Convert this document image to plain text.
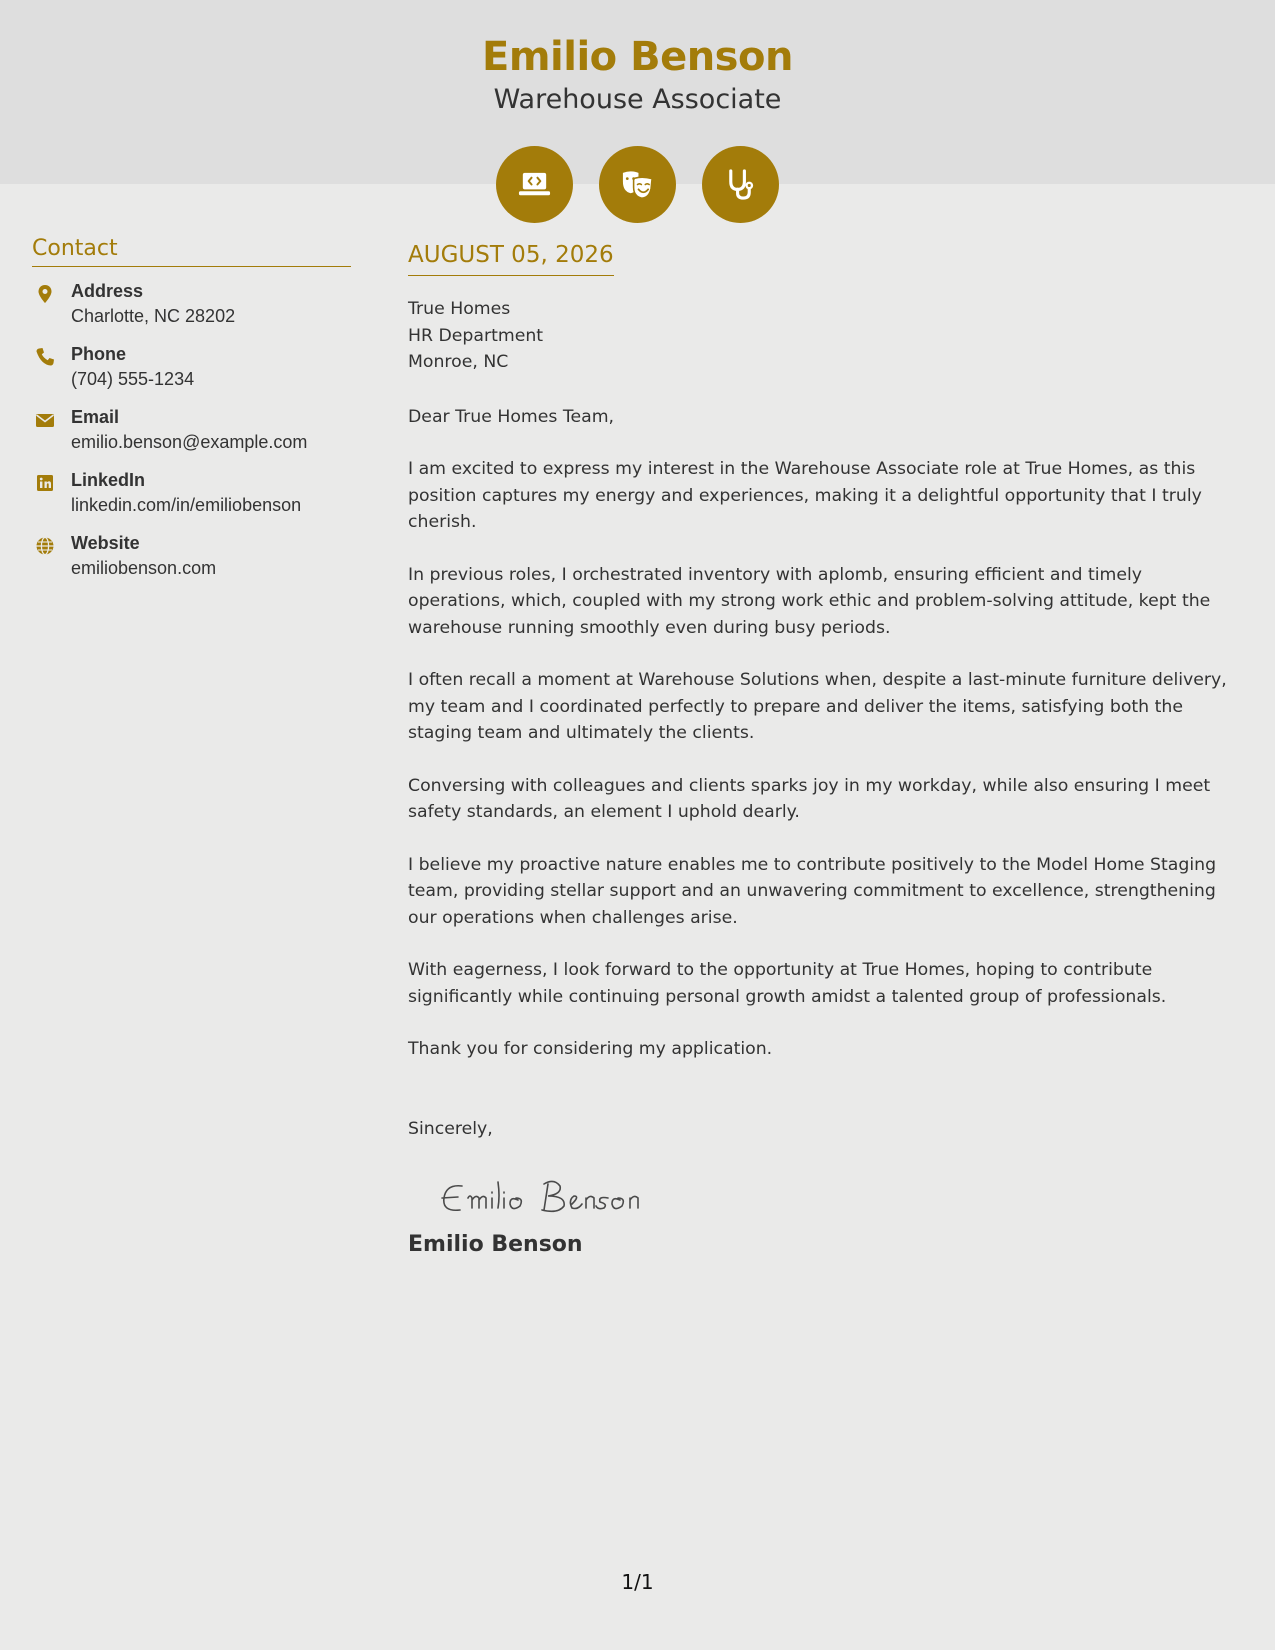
Emilio Benson
Warehouse Associate
Contact
Address
Charlotte, NC 28202
Phone
(704) 555-1234
Email
emilio.benson@example.com
LinkedIn
linkedin.com/in/emiliobenson
Website
emiliobenson.com
AUGUST 05, 2026
True Homes
HR Department
Monroe, NC
Dear True Homes Team,
I am excited to express my interest in the Warehouse Associate role at True Homes, as this position captures my energy and experiences, making it a delightful opportunity that I truly cherish.
In previous roles, I orchestrated inventory with aplomb, ensuring efficient and timely operations, which, coupled with my strong work ethic and problem-solving attitude, kept the warehouse running smoothly even during busy periods.
I often recall a moment at Warehouse Solutions when, despite a last-minute furniture delivery, my team and I coordinated perfectly to prepare and deliver the items, satisfying both the staging team and ultimately the clients.
Conversing with colleagues and clients sparks joy in my workday, while also ensuring I meet safety standards, an element I uphold dearly.
I believe my proactive nature enables me to contribute positively to the Model Home Staging team, providing stellar support and an unwavering commitment to excellence, strengthening our operations when challenges arise.
With eagerness, I look forward to the opportunity at True Homes, hoping to contribute significantly while continuing personal growth amidst a talented group of professionals.
Thank you for considering my application.
Sincerely,
Emilio Benson
1/1
